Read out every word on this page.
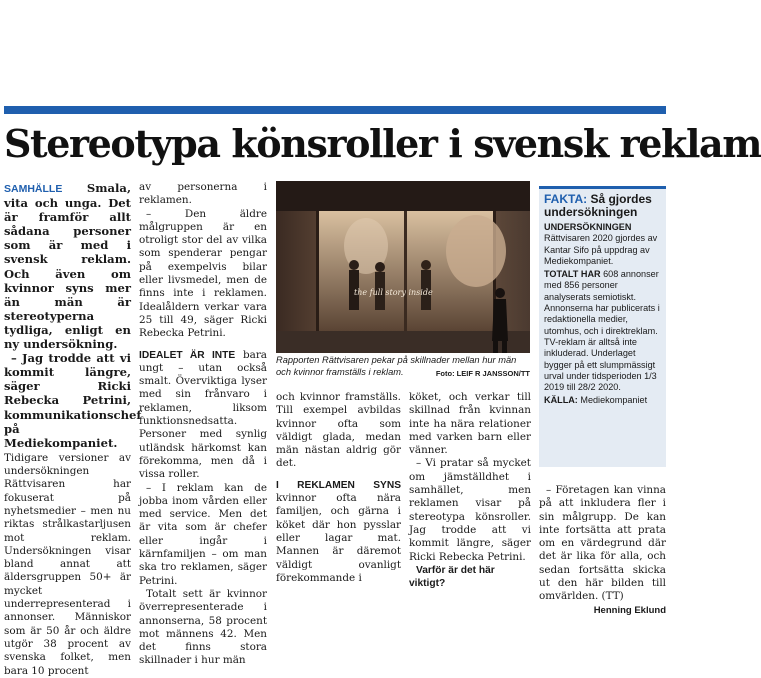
Stereotypa könsroller i svensk reklam

SAMHÄLLE Smala, vita och unga. Det är framför allt sådana personer som är med i svensk reklam. Och även om kvinnor syns mer än män är stereotyperna tydliga, enligt en ny undersökning.

– Jag trodde att vi kommit längre, säger Ricki Rebecka Petrini, kommunikationschef på Mediekompaniet.

Tidigare versioner av undersökningen Rättvisaren har fokuserat på nyhetsmedier – men nu riktas strålkastarljusen mot reklam. Undersökningen visar bland annat att äldersgruppen 50+ är mycket underrepresenterad i annonser. Människor som är 50 år och äldre utgör 38 procent av svenska folket, men bara 10 procent

av personerna i reklamen.

– Den äldre målgruppen är en otroligt stor del av vilka som spenderar pengar på exempelvis bilar eller livsmedel, men de finns inte i reklamen. Idealåldern verkar vara 25 till 49, säger Ricki Rebecka Petrini.

IDEALET ÄR INTE bara ungt – utan också smalt. Överviktiga lyser med sin frånvaro i reklamen, liksom funktionsnedsatta. Personer med synlig utländsk härkomst kan förekomma, men då i vissa roller.

– I reklam kan de jobba inom vården eller med service. Men det är vita som är chefer eller ingår i kärnfamiljen – om man ska tro reklamen, säger Petrini.

Totalt sett är kvinnor överrepresenterade i annonserna, 58 procent mot männens 42. Men det finns stora skillnader i hur män

the full story inside
Rapporten Rättvisaren pekar på skillnader mellan hur män och kvinnor framställs i reklam.	Foto: LEIF R JANSSON/TT

och kvinnor framställs. Till exempel avbildas kvinnor ofta som väldigt glada, medan män nästan aldrig gör det.

I REKLAMEN SYNS kvinnor ofta nära familjen, och gärna i köket där hon pysslar eller lagar mat. Mannen är däremot väldigt ovanligt förekommande i

köket, och verkar till skillnad från kvinnan inte ha nära relationer med varken barn eller vänner.

– Vi pratar så mycket om jämställdhet i samhället, men reklamen visar på stereotypa könsroller. Jag trodde att vi kommit längre, säger Ricki Rebecka Petrini.

Varför är det här viktigt?

FAKTA: Så gjordes undersökningen

UNDERSÖKNINGEN Rättvisaren 2020 gjordes av Kantar Sifo på uppdrag av Mediekompaniet.

TOTALT HAR 608 annonser med 856 personer analyserats semiotiskt. Annonserna har publicerats i redaktionella medier, utomhus, och i direktreklam. TV-reklam är alltså inte inkluderad. Underlaget bygger på ett slumpmässigt urval under tidsperioden 1/3 2019 till 28/2 2020.

KÄLLA: Mediekompaniet

– Företagen kan vinna på att inkludera fler i sin målgrupp. De kan inte fortsätta att prata om en värdegrund där det är lika för alla, och sedan fortsätta skicka ut den här bilden till omvärlden. (TT)

Henning Eklund
